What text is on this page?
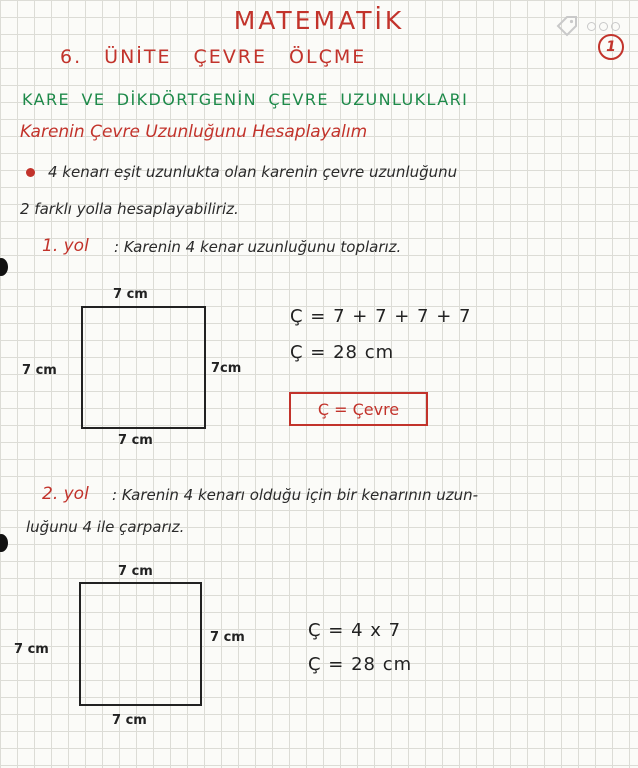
MATEMATİK
6. ÜNİTE ÇEVRE ÖLÇME	1
KARE VE DİKDÖRTGENİN ÇEVRE UZUNLUKLARI
Karenin Çevre Uzunluğunu Hesaplayalım
4 kenarı eşit uzunlukta olan karenin çevre uzunluğunu
2 farklı yolla hesaplayabiliriz.
1. yol : Karenin 4 kenar uzunluğunu toplarız.
7 cm
7 cm	7cm
7 cm
Ç = 7 + 7 + 7 + 7
Ç = 28 cm
Ç = Çevre
2. yol : Karenin 4 kenarı olduğu için bir kenarının uzun-
luğunu 4 ile çarparız.
7 cm
7 cm
7 cm
7 cm
Ç = 4 x 7
Ç = 28 cm
